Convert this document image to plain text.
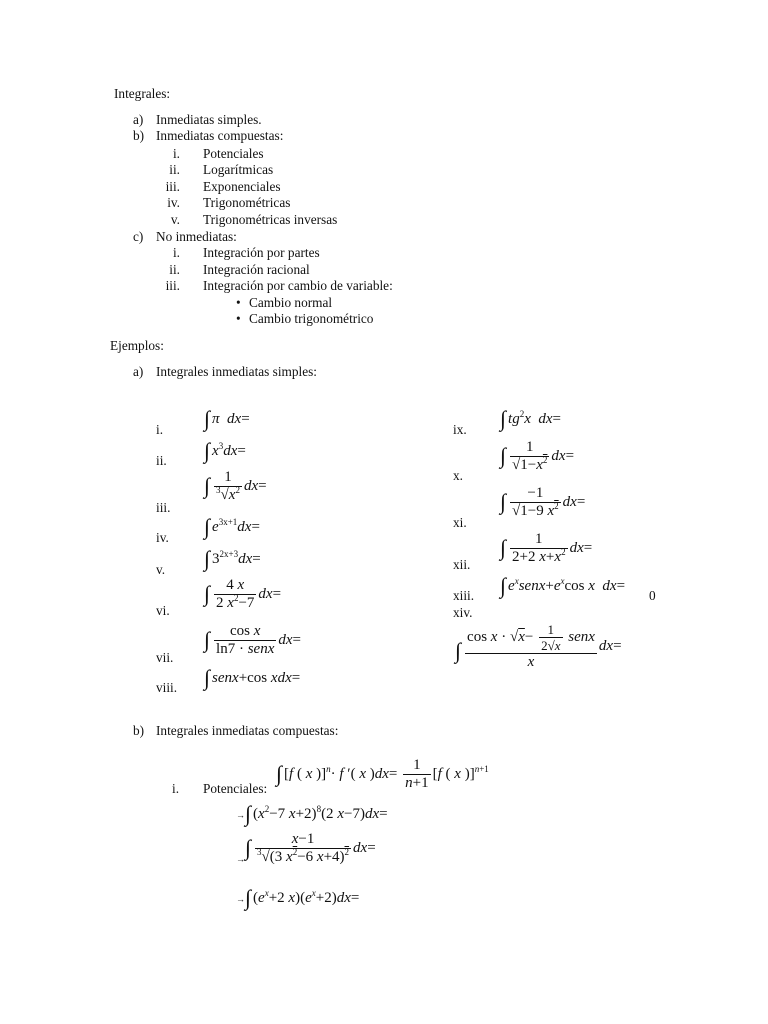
Integrales:
a) Inmediatas simples.
b) Inmediatas compuestas:
i. Potenciales
ii. Logarítmicas
iii. Exponenciales
iv. Trigonométricas
v. Trigonométricas inversas
c) No inmediatas:
i. Integración por partes
ii. Integración racional
iii. Integración por cambio de variable:
• Cambio normal
• Cambio trigonométrico
Ejemplos:
a) Integrales inmediatas simples:
i.
ii.
iii.
iv.
v.
vi.
vii.
viii.
∫ π  dx=
∫ $x^3dx=$
∫ $\frac{1}{^3√x^2} dx=$
∫ $e^{3x+1}dx=$
∫ $3^{2x+3}dx=$
∫ $\frac{4 x}{2 x^2-7} dx=$
∫ $\frac{\text{cos x}}{\text{ln7 · senx}} dx=$
∫ senx+cos xdx=
ix.
x.
xi.
xii.
xiii.
xiv.
∫ $tg^2x$  dx=
∫ $\frac{1}{√1-x^2} dx=$
∫ $\frac{-1}{√1-9 x^2} dx=$
∫ $\frac{1}{2+2 x+x^2} dx=$
∫ $e^xsenx+e^x\cos$ x  dx=
0
∫ $\frac{\cos x \cdot √x- \frac{1}{2√x} senx}{x} dx=$
b) Integrales inmediatas compuestas:
i. Potenciales:
∫ [f ( x )]$^n$· f ′( x )$dx= \frac{1}{n+1} [f$ ( x )]$^{n+1}$
→∫ ($x^2-7$ x+2)$^8$(2 x−7)dx=
$_\to\int \frac{x-1}{^3√(3 x^2-6 x+4)^2} dx=$
→∫ ($e^x+2$ $x)(e^x+2)dx=$
